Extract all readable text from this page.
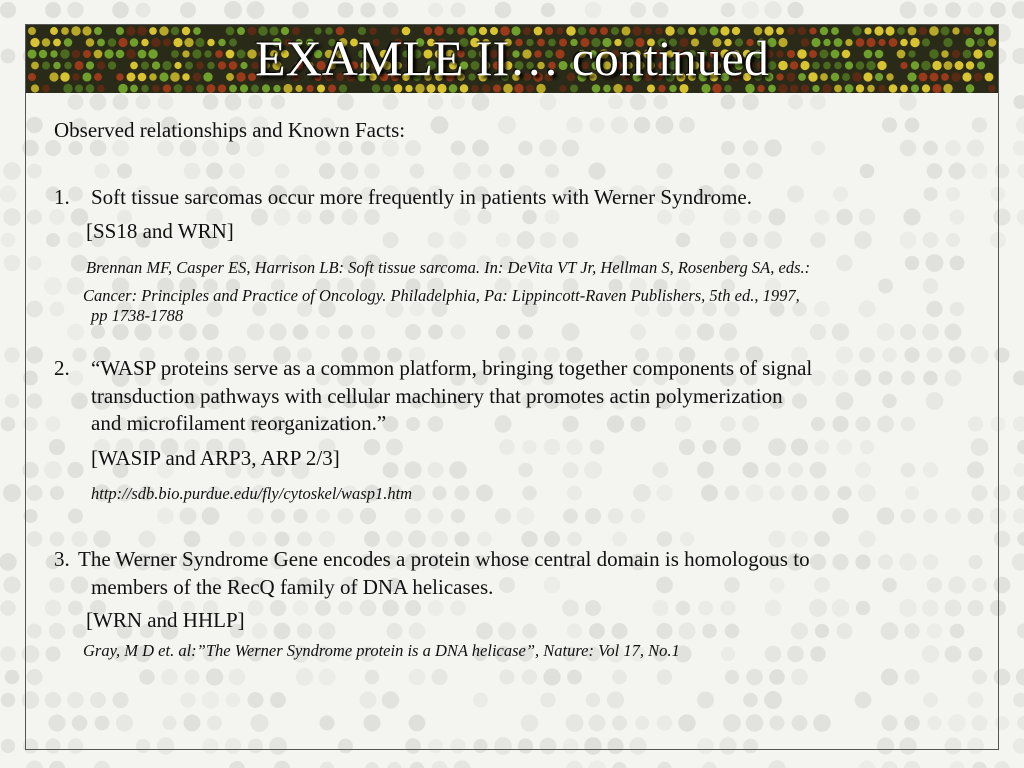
EXAMLE II… continued
Observed relationships and Known Facts:
1. Soft tissue sarcomas occur more frequently in patients with Werner Syndrome.
[SS18 and WRN]
Brennan MF, Casper ES, Harrison LB: Soft tissue sarcoma. In: DeVita VT Jr, Hellman S, Rosenberg SA, eds.:
Cancer: Principles and Practice of Oncology. Philadelphia, Pa: Lippincott-Raven Publishers, 5th ed., 1997,
pp 1738-1788
2. “WASP proteins serve as a common platform, bringing together components of signal
transduction pathways with cellular machinery that promotes actin polymerization
and microfilament reorganization.”
[WASIP and ARP3, ARP 2/3]
http://sdb.bio.purdue.edu/fly/cytoskel/wasp1.htm
3. The Werner Syndrome Gene encodes a protein whose central domain is homologous to
members of the RecQ family of DNA helicases.
[WRN and HHLP]
Gray, M D et. al:”The Werner Syndrome protein is a DNA helicase”, Nature: Vol 17, No.1
